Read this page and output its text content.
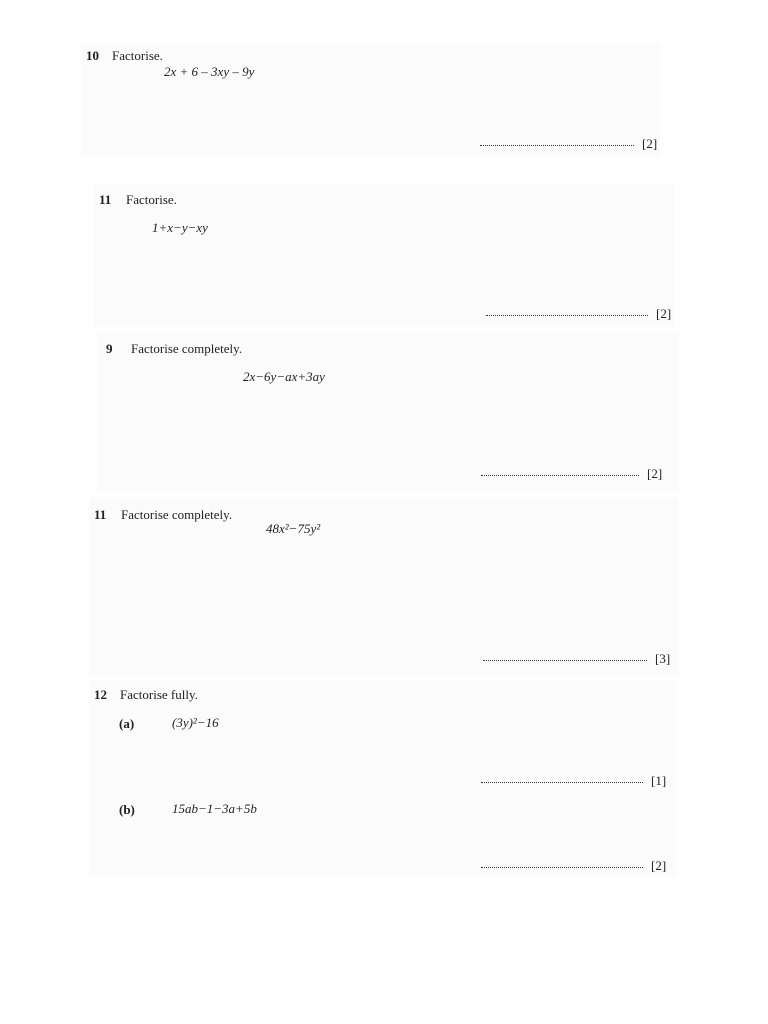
10 Factorise.
2x + 6 – 3xy – 9y
[2]
11 Factorise.
1+x−y−xy
[2]
9 Factorise completely.
2x−6y−ax+3ay
[2]
11 Factorise completely.
48x²−75y²
[3]
12 Factorise fully.
(a)	(3y)²−16
[1]
(b)	15ab−1−3a+5b
[2]
